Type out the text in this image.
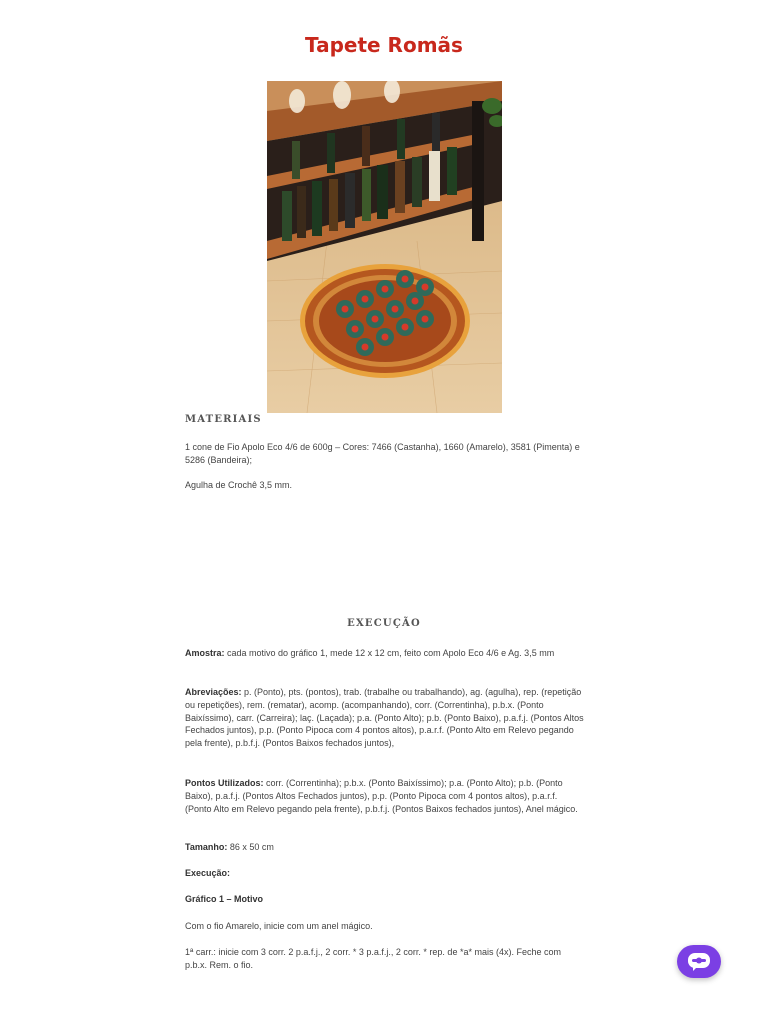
Tapete Romãs
MATERIAIS

1 cone de Fio Apolo Eco 4/6 de 600g – Cores: 7466 (Castanha), 1660 (Amarelo), 3581 (Pimenta) e 5286 (Bandeira);

Agulha de Crochê 3,5 mm.

EXECUÇÃO

Amostra: cada motivo do gráfico 1, mede 12 x 12 cm, feito com Apolo Eco 4/6 e Ag. 3,5 mm

Abreviações: p. (Ponto), pts. (pontos), trab. (trabalhe ou trabalhando), ag. (agulha), rep. (repetição ou repetições), rem. (rematar), acomp. (acompanhando), corr. (Correntinha), p.b.x. (Ponto Baixíssimo), carr. (Carreira); laç. (Laçada); p.a. (Ponto Alto); p.b. (Ponto Baixo), p.a.f.j. (Pontos Altos Fechados juntos), p.p. (Ponto Pipoca com 4 pontos altos), p.a.r.f. (Ponto Alto em Relevo pegando pela frente), p.b.f.j. (Pontos Baixos fechados juntos),

Pontos Utilizados: corr. (Correntinha); p.b.x. (Ponto Baixíssimo); p.a. (Ponto Alto); p.b. (Ponto Baixo), p.a.f.j. (Pontos Altos Fechados juntos), p.p. (Ponto Pipoca com 4 pontos altos), p.a.r.f. (Ponto Alto em Relevo pegando pela frente), p.b.f.j. (Pontos Baixos fechados juntos), Anel mágico.

Tamanho: 86 x 50 cm

Execução:

Gráfico 1 – Motivo

Com o fio Amarelo, inicie com um anel mágico.

1ª carr.: inicie com 3 corr. 2 p.a.f.j., 2 corr. * 3 p.a.f.j., 2 corr. * rep. de *a* mais (4x). Feche com p.b.x. Rem. o fio.
